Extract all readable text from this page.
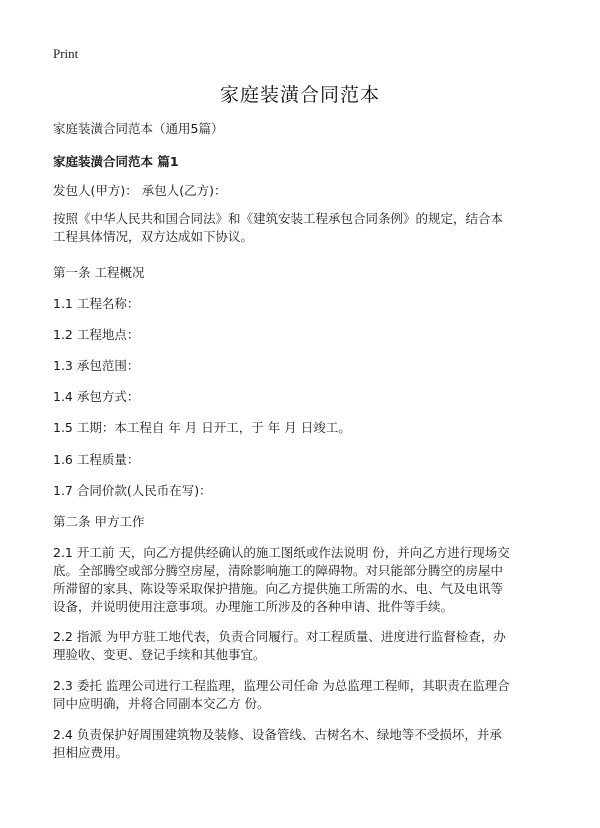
Print
家庭装潢合同范本
家庭装潢合同范本（通用5篇）
家庭装潢合同范本 篇1
发包人(甲方)： 承包人(乙方)：
按照《中华人民共和国合同法》和《建筑安装工程承包合同条例》的规定，结合本
工程具体情况，双方达成如下协议。
第一条 工程概况
1.1 工程名称：
1.2 工程地点：
1.3 承包范围：
1.4 承包方式：
1.5 工期：本工程自 年 月 日开工，于 年 月 日竣工。
1.6 工程质量：
1.7 合同价款(人民币在写)：
第二条 甲方工作
2.1 开工前 天，向乙方提供经确认的施工图纸或作法说明 份，并向乙方进行现场交
底。全部腾空或部分腾空房屋，清除影响施工的障碍物。对只能部分腾空的房屋中
所滞留的家具、陈设等采取保护措施。向乙方提供施工所需的水、电、气及电讯等
设备，并说明使用注意事项。办理施工所涉及的各种申请、批件等手续。
2.2 指派 为甲方驻工地代表，负责合同履行。对工程质量、进度进行监督检查，办
理验收、变更、登记手续和其他事宜。
2.3 委托 监理公司进行工程监理，监理公司任命 为总监理工程师，其职责在监理合
同中应明确，并将合同副本交乙方 份。
2.4 负责保护好周围建筑物及装修、设备管线、古树名木、绿地等不受损坏，并承
担相应费用。
